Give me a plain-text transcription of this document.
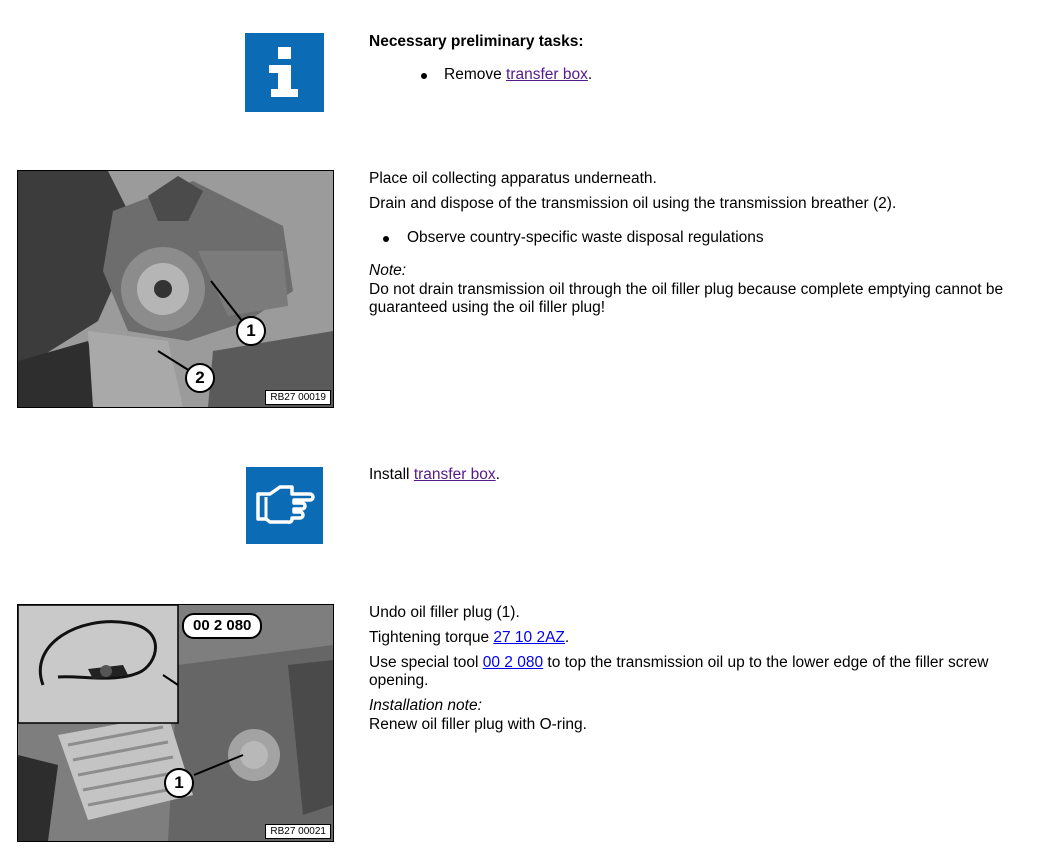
Necessary preliminary tasks:

Remove transfer box.

1
2
RB27 00019

Place oil collecting apparatus underneath.

Drain and dispose of the transmission oil using the transmission breather (2).

Observe country-specific waste disposal regulations

Note:

Do not drain transmission oil through the oil filler plug because complete emptying cannot be guaranteed using the oil filler plug!

Install transfer box.

00 2 080
1
RB27 00021

Undo oil filler plug (1).

Tightening torque 27 10 2AZ.

Use special tool 00 2 080 to top the transmission oil up to the lower edge of the filler screw opening.

Installation note:

Renew oil filler plug with O-ring.
